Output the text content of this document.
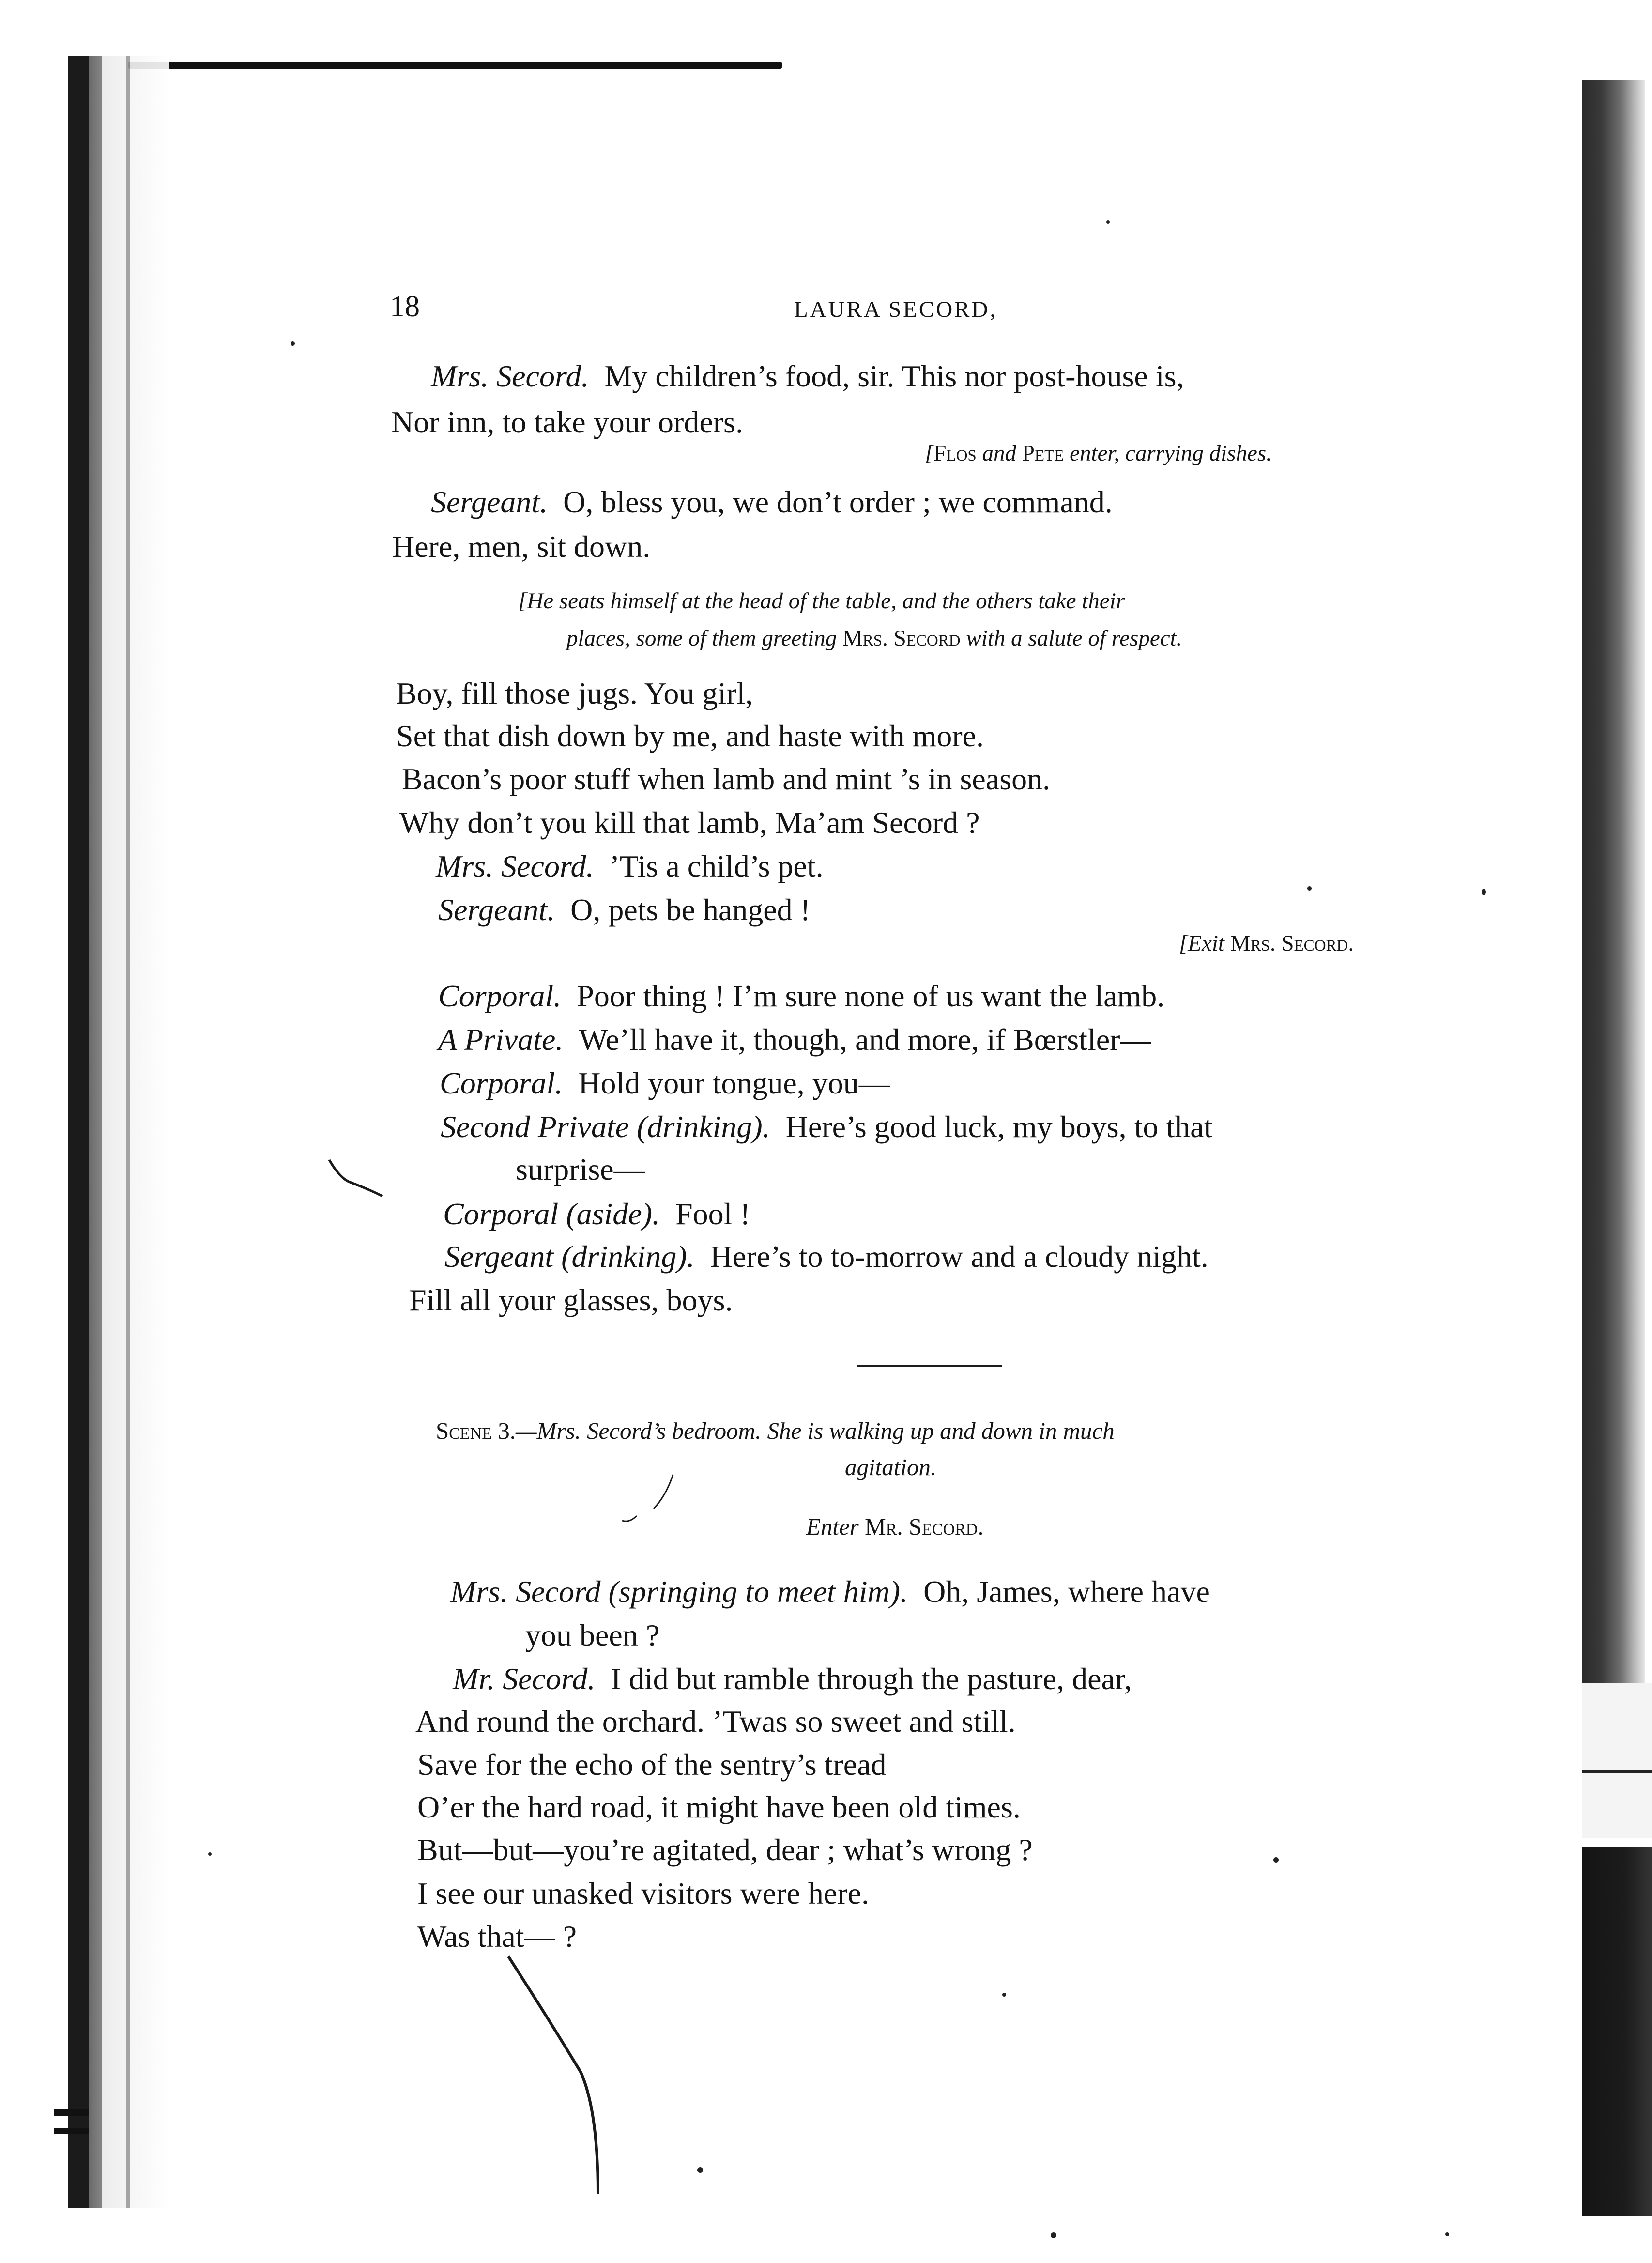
18	LAURA SECORD,
Mrs. Secord. My children’s food, sir. This nor post-house is,
Nor inn, to take your orders.
[Flos and Pete enter, carrying dishes.
Sergeant. O, bless you, we don’t order ; we command.
Here, men, sit down.
[He seats himself at the head of the table, and the others take their
places, some of them greeting Mrs. Secord with a salute of respect.
Boy, fill those jugs. You girl,
Set that dish down by me, and haste with more.
Bacon’s poor stuff when lamb and mint ’s in season.
Why don’t you kill that lamb, Ma’am Secord ?
Mrs. Secord. ’Tis a child’s pet.
Sergeant. O, pets be hanged !
[Exit Mrs. Secord.
Corporal. Poor thing ! I’m sure none of us want the lamb.
A Private. We’ll have it, though, and more, if Bœrstler—
Corporal. Hold your tongue, you—
Second Private (drinking). Here’s good luck, my boys, to that
surprise—
Corporal (aside). Fool !
Sergeant (drinking). Here’s to to-morrow and a cloudy night.
Fill all your glasses, boys.
Scene 3.—Mrs. Secord’s bedroom. She is walking up and down in much
agitation.
Enter Mr. Secord.
Mrs. Secord (springing to meet him). Oh, James, where have
you been ?
Mr. Secord. I did but ramble through the pasture, dear,
And round the orchard. ’Twas so sweet and still.
Save for the echo of the sentry’s tread
O’er the hard road, it might have been old times.
But—but—you’re agitated, dear ; what’s wrong ?
I see our unasked visitors were here.
Was that— ?
